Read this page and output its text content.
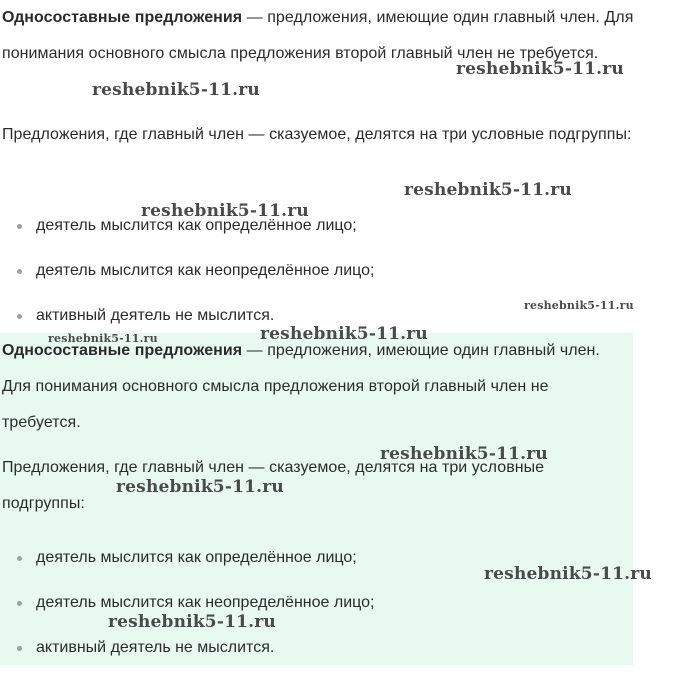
Односоставные предложения — предложения, имеющие один главный член. Для понимания основного смысла предложения второй главный член не требуется.

Предложения, где главный член — сказуемое, делятся на три условные подгруппы:

деятель мыслится как определённое лицо;
деятель мыслится как неопределённое лицо;
активный деятель не мыслится.

Односоставные предложения — предложения, имеющие один главный член. Для понимания основного смысла предложения второй главный член не требуется.

Предложения, где главный член — сказуемое, делятся на три условные подгруппы:

деятель мыслится как определённое лицо;
деятель мыслится как неопределённое лицо;
активный деятель не мыслится.
reshebnik5-11.ru
reshebnik5-11.ru
reshebnik5-11.ru
reshebnik5-11.ru
reshebnik5-11.ru
reshebnik5-11.ru	reshebnik5-11.ru
reshebnik5-11.ru
reshebnik5-11.ru
reshebnik5-11.ru
reshebnik5-11.ru
